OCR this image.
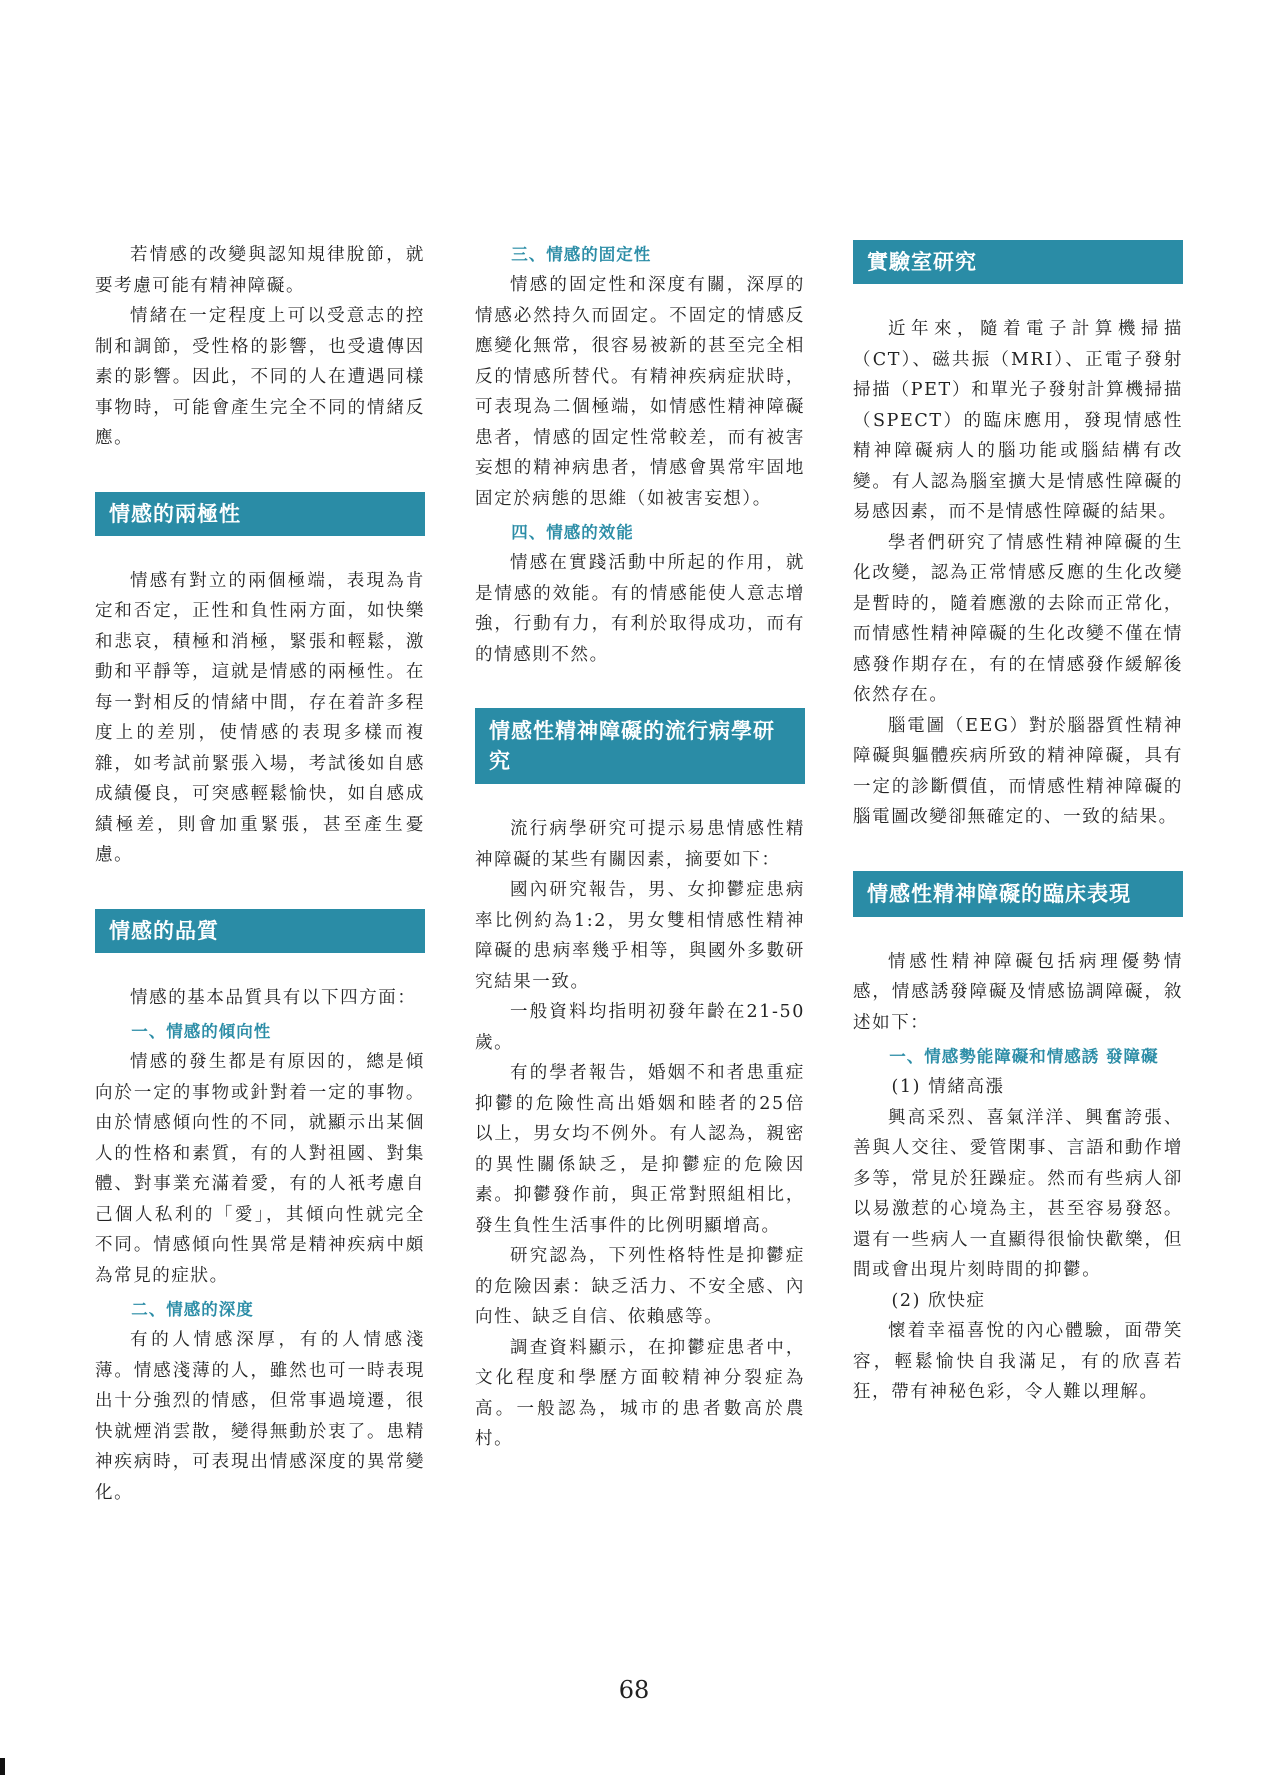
若情感的改變與認知規律脫節，就要考慮可能有精神障礙。

情緒在一定程度上可以受意志的控制和調節，受性格的影響，也受遺傳因素的影響。因此，不同的人在遭遇同樣事物時，可能會產生完全不同的情緒反應。

情感的兩極性

情感有對立的兩個極端，表現為肯定和否定，正性和負性兩方面，如快樂和悲哀，積極和消極，緊張和輕鬆，激動和平靜等，這就是情感的兩極性。在每一對相反的情緒中間，存在着許多程度上的差別，使情感的表現多樣而複雜，如考試前緊張入場，考試後如自感成績優良，可突感輕鬆愉快，如自感成績極差，則會加重緊張，甚至產生憂慮。

情感的品質

情感的基本品質具有以下四方面：

一、情感的傾向性

情感的發生都是有原因的，總是傾向於一定的事物或針對着一定的事物。由於情感傾向性的不同，就顯示出某個人的性格和素質，有的人對祖國、對集體、對事業充滿着愛，有的人衹考慮自己個人私利的「愛」，其傾向性就完全不同。情感傾向性異常是精神疾病中頗為常見的症狀。

二、情感的深度

有的人情感深厚，有的人情感淺薄。情感淺薄的人，雖然也可一時表現出十分強烈的情感，但常事過境遷，很快就煙消雲散，變得無動於衷了。患精神疾病時，可表現出情感深度的異常變化。

三、情感的固定性

情感的固定性和深度有關，深厚的情感必然持久而固定。不固定的情感反應變化無常，很容易被新的甚至完全相反的情感所替代。有精神疾病症狀時，可表現為二個極端，如情感性精神障礙患者，情感的固定性常較差，而有被害妄想的精神病患者，情感會異常牢固地固定於病態的思維（如被害妄想）。

四、情感的效能

情感在實踐活動中所起的作用，就是情感的效能。有的情感能使人意志增強，行動有力，有利於取得成功，而有的情感則不然。

情感性精神障礙的流行病學研究

流行病學研究可提示易患情感性精神障礙的某些有關因素，摘要如下：

國內研究報告，男、女抑鬱症患病率比例約為1:2，男女雙相情感性精神障礙的患病率幾乎相等，與國外多數研究結果一致。

一般資料均指明初發年齡在21-50歲。

有的學者報告，婚姻不和者患重症抑鬱的危險性高出婚姻和睦者的25倍以上，男女均不例外。有人認為，親密的異性關係缺乏，是抑鬱症的危險因素。抑鬱發作前，與正常對照組相比，發生負性生活事件的比例明顯增高。

研究認為，下列性格特性是抑鬱症的危險因素：缺乏活力、不安全感、內向性、缺乏自信、依賴感等。

調查資料顯示，在抑鬱症患者中，文化程度和學歷方面較精神分裂症為高。一般認為，城市的患者數高於農村。

實驗室研究

近年來，隨着電子計算機掃描（CT）、磁共振（MRI）、正電子發射掃描（PET）和單光子發射計算機掃描（SPECT）的臨床應用，發現情感性精神障礙病人的腦功能或腦結構有改變。有人認為腦室擴大是情感性障礙的易感因素，而不是情感性障礙的結果。

學者們研究了情感性精神障礙的生化改變，認為正常情感反應的生化改變是暫時的，隨着應激的去除而正常化，而情感性精神障礙的生化改變不僅在情感發作期存在，有的在情感發作緩解後依然存在。

腦電圖（EEG）對於腦器質性精神障礙與軀體疾病所致的精神障礙，具有一定的診斷價值，而情感性精神障礙的腦電圖改變卻無確定的、一致的結果。

情感性精神障礙的臨床表現

情感性精神障礙包括病理優勢情感，情感誘發障礙及情感協調障礙，敘述如下：

一、情感勢能障礙和情感誘 發障礙

(1) 情緒高漲

興高采烈、喜氣洋洋、興奮誇張、善與人交往、愛管閑事、言語和動作增多等，常見於狂躁症。然而有些病人卻以易激惹的心境為主，甚至容易發怒。還有一些病人一直顯得很愉快歡樂，但間或會出現片刻時間的抑鬱。

(2) 欣快症

懷着幸福喜悅的內心體驗，面帶笑容，輕鬆愉快自我滿足，有的欣喜若狂，帶有神秘色彩，令人難以理解。

68
